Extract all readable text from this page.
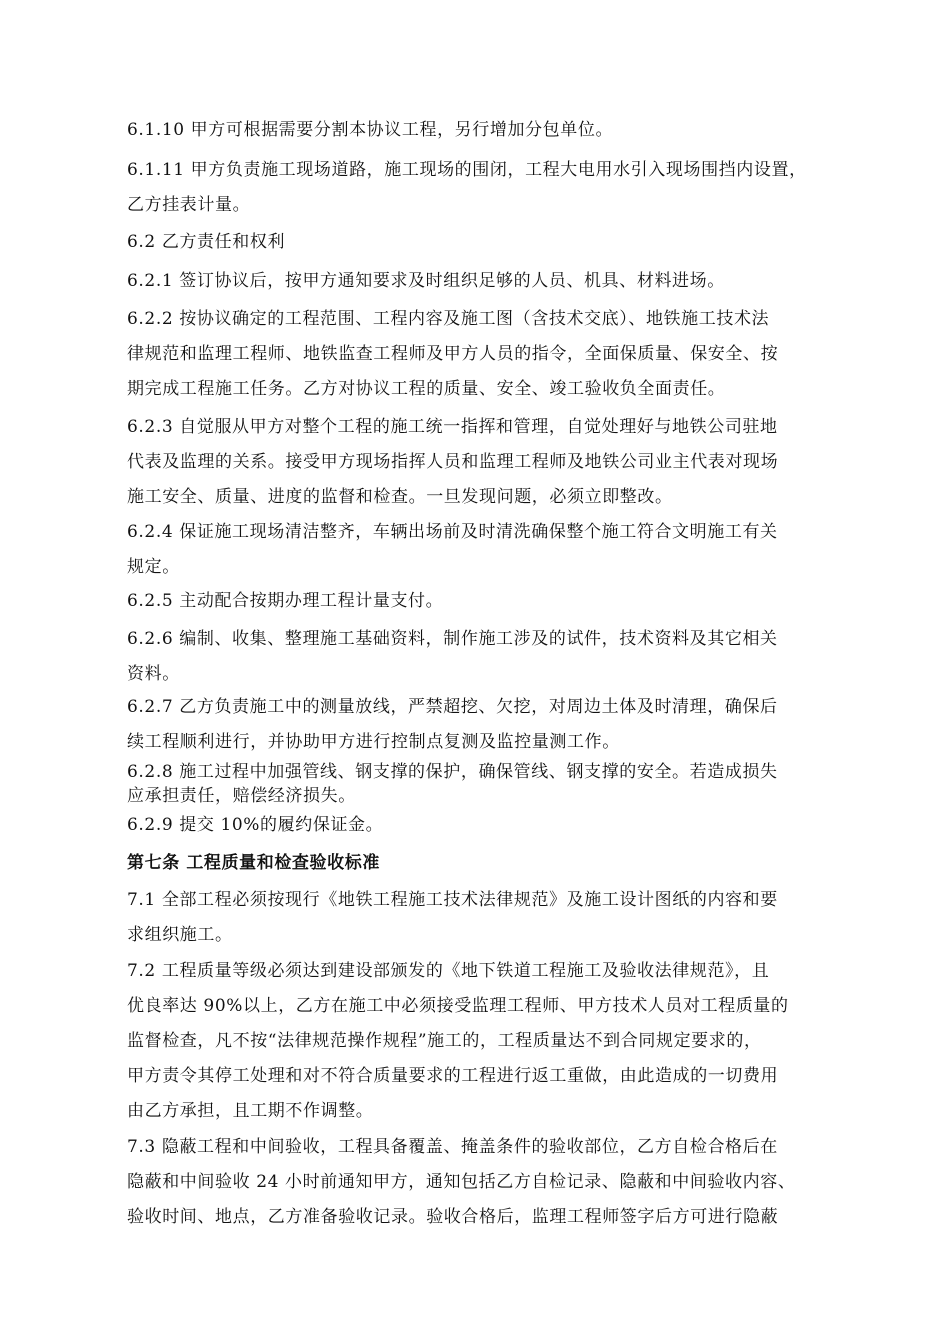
6.1.10 甲方可根据需要分割本协议工程，另行增加分包单位。

6.1.11 甲方负责施工现场道路，施工现场的围闭，工程大电用水引入现场围挡内设置，
乙方挂表计量。

6.2 乙方责任和权利

6.2.1 签订协议后，按甲方通知要求及时组织足够的人员、机具、材料进场。

6.2.2 按协议确定的工程范围、工程内容及施工图（含技术交底）、地铁施工技术法
律规范和监理工程师、地铁监查工程师及甲方人员的指令，全面保质量、保安全、按
期完成工程施工任务。乙方对协议工程的质量、安全、竣工验收负全面责任。

6.2.3 自觉服从甲方对整个工程的施工统一指挥和管理，自觉处理好与地铁公司驻地
代表及监理的关系。接受甲方现场指挥人员和监理工程师及地铁公司业主代表对现场
施工安全、质量、进度的监督和检查。一旦发现问题，必须立即整改。

6.2.4 保证施工现场清洁整齐，车辆出场前及时清洗确保整个施工符合文明施工有关
规定。

6.2.5 主动配合按期办理工程计量支付。

6.2.6 编制、收集、整理施工基础资料，制作施工涉及的试件，技术资料及其它相关
资料。

6.2.7 乙方负责施工中的测量放线，严禁超挖、欠挖，对周边土体及时清理，确保后
续工程顺利进行，并协助甲方进行控制点复测及监控量测工作。

6.2.8 施工过程中加强管线、钢支撑的保护，确保管线、钢支撑的安全。若造成损失
应承担责任，赔偿经济损失。

6.2.9 提交 10%的履约保证金。

第七条 工程质量和检查验收标准

7.1 全部工程必须按现行《地铁工程施工技术法律规范》及施工设计图纸的内容和要
求组织施工。

7.2 工程质量等级必须达到建设部颁发的《地下铁道工程施工及验收法律规范》，且
优良率达 90%以上，乙方在施工中必须接受监理工程师、甲方技术人员对工程质量的
监督检查，凡不按“法律规范操作规程”施工的，工程质量达不到合同规定要求的，
甲方责令其停工处理和对不符合质量要求的工程进行返工重做，由此造成的一切费用
由乙方承担，且工期不作调整。

7.3 隐蔽工程和中间验收，工程具备覆盖、掩盖条件的验收部位，乙方自检合格后在
隐蔽和中间验收 24 小时前通知甲方，通知包括乙方自检记录、隐蔽和中间验收内容、
验收时间、地点，乙方准备验收记录。验收合格后，监理工程师签字后方可进行隐蔽
